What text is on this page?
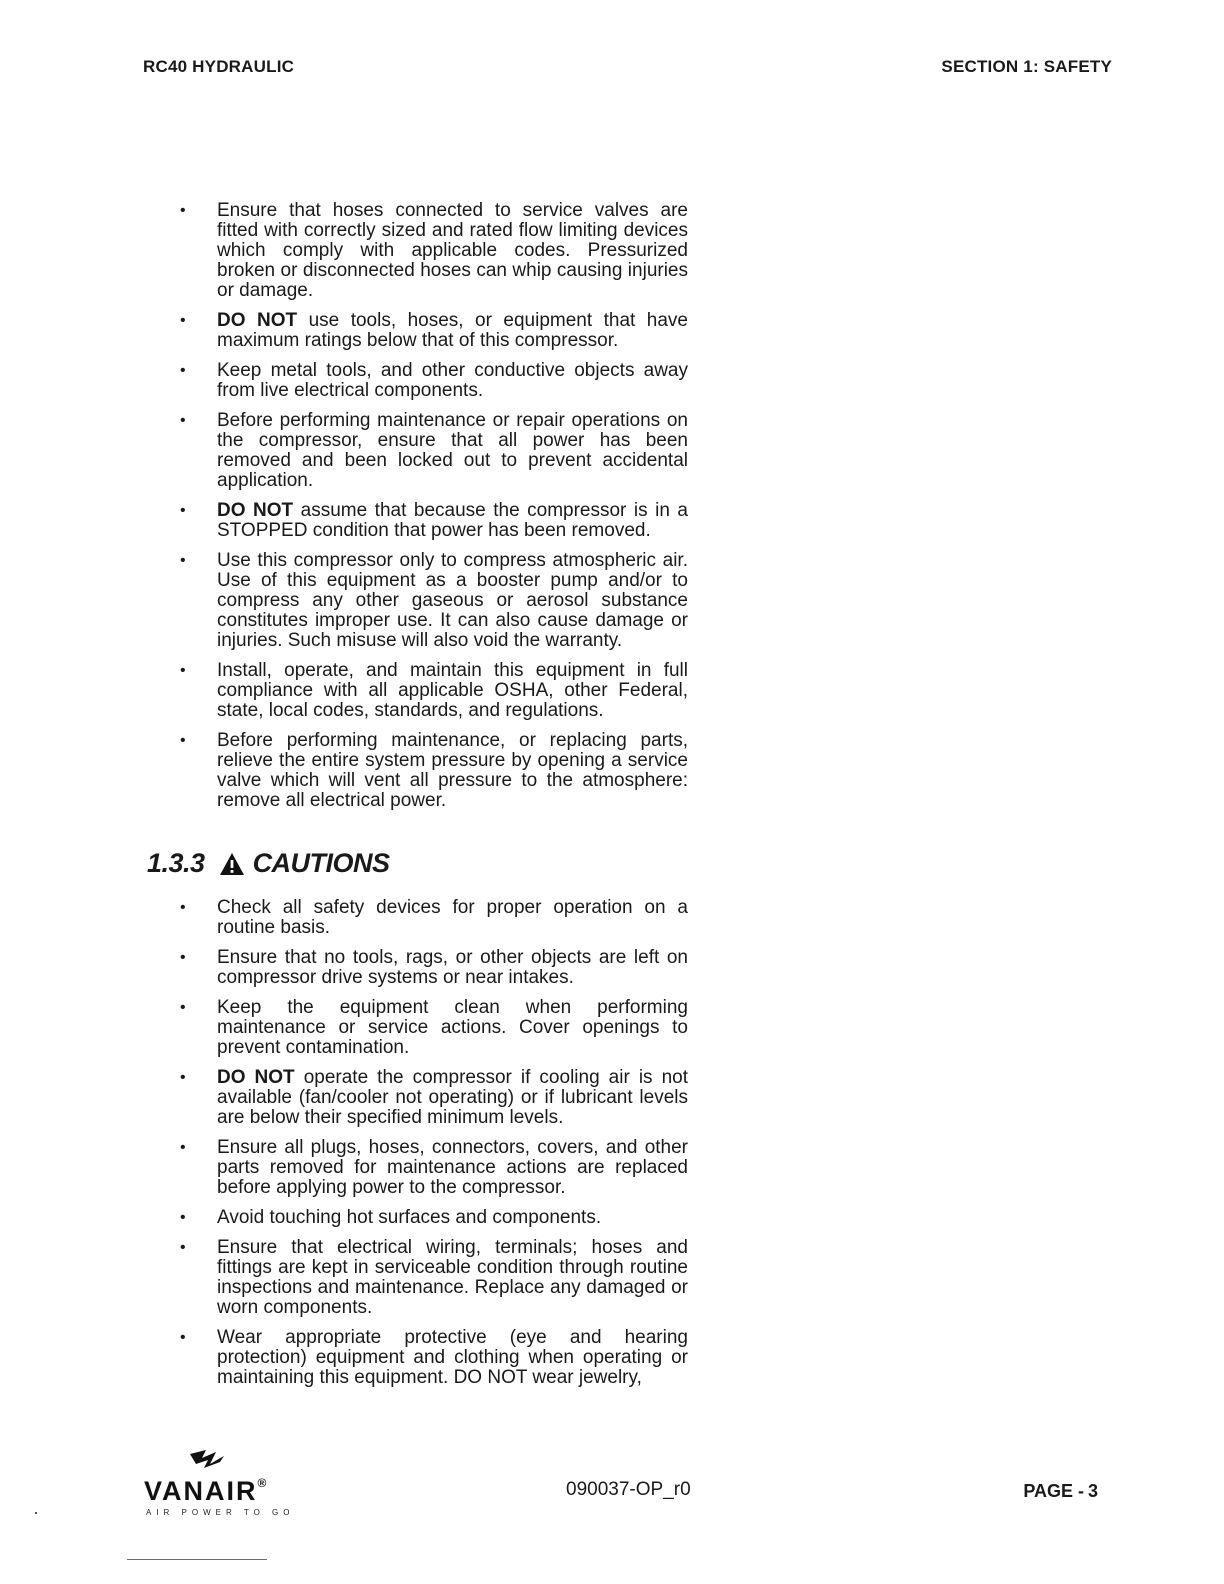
RC40 HYDRAULIC	SECTION 1: SAFETY
• Ensure that hoses connected to service valves are fitted with correctly sized and rated flow limiting devices which comply with applicable codes. Pressurized broken or disconnected hoses can whip causing injuries or damage.
• DO NOT use tools, hoses, or equipment that have maximum ratings below that of this compressor.
• Keep metal tools, and other conductive objects away from live electrical components.
• Before performing maintenance or repair operations on the compressor, ensure that all power has been removed and been locked out to prevent accidental application.
• DO NOT assume that because the compressor is in a STOPPED condition that power has been removed.
• Use this compressor only to compress atmospheric air. Use of this equipment as a booster pump and/or to compress any other gaseous or aerosol substance constitutes improper use. It can also cause damage or injuries. Such misuse will also void the warranty.
• Install, operate, and maintain this equipment in full compliance with all applicable OSHA, other Federal, state, local codes, standards, and regulations.
• Before performing maintenance, or replacing parts, relieve the entire system pressure by opening a service valve which will vent all pressure to the atmosphere: remove all electrical power.
1.3.3 CAUTIONS
• Check all safety devices for proper operation on a routine basis.
• Ensure that no tools, rags, or other objects are left on compressor drive systems or near intakes.
• Keep the equipment clean when performing maintenance or service actions. Cover openings to prevent contamination.
• DO NOT operate the compressor if cooling air is not available (fan/cooler not operating) or if lubricant levels are below their specified minimum levels.
• Ensure all plugs, hoses, connectors, covers, and other parts removed for maintenance actions are replaced before applying power to the compressor.
• Avoid touching hot surfaces and components.
• Ensure that electrical wiring, terminals; hoses and fittings are kept in serviceable condition through routine inspections and maintenance. Replace any damaged or worn components.
• Wear appropriate protective (eye and hearing protection) equipment and clothing when operating or maintaining this equipment. DO NOT wear jewelry,
VANAIR®
AIR POWER TO GO
090037-OP_r0	PAGE - 3
